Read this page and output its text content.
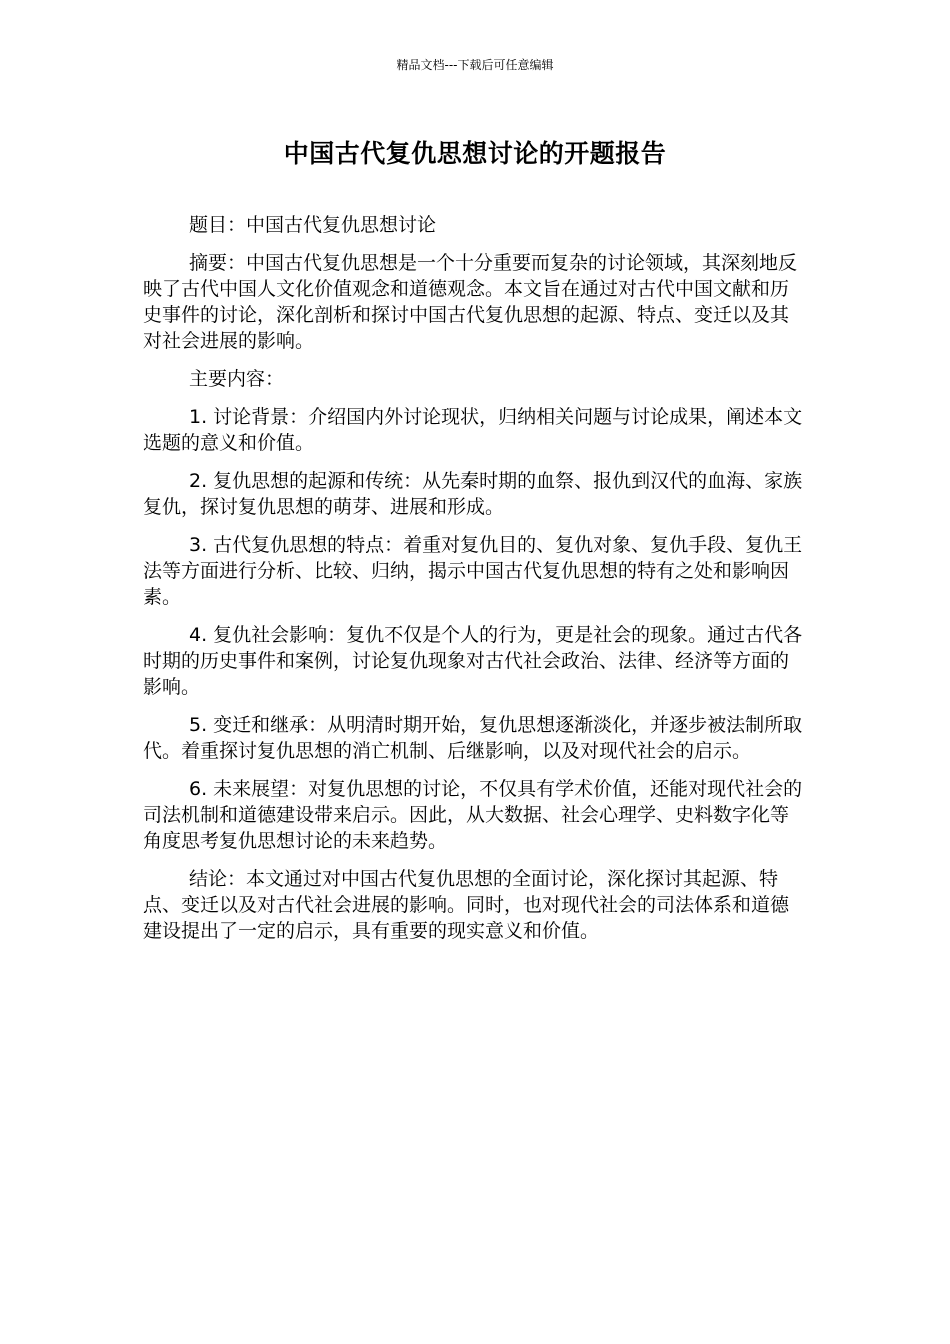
精品文档---下载后可任意编辑
中国古代复仇思想讨论的开题报告

题目：中国古代复仇思想讨论

摘要：中国古代复仇思想是一个十分重要而复杂的讨论领域，其深刻地反映了古代中国人文化价值观念和道德观念。本文旨在通过对古代中国文献和历史事件的讨论，深化剖析和探讨中国古代复仇思想的起源、特点、变迁以及其对社会进展的影响。

主要内容：

1. 讨论背景：介绍国内外讨论现状，归纳相关问题与讨论成果，阐述本文选题的意义和价值。

2. 复仇思想的起源和传统：从先秦时期的血祭、报仇到汉代的血海、家族复仇，探讨复仇思想的萌芽、进展和形成。

3. 古代复仇思想的特点：着重对复仇目的、复仇对象、复仇手段、复仇王法等方面进行分析、比较、归纳，揭示中国古代复仇思想的特有之处和影响因素。

4. 复仇社会影响：复仇不仅是个人的行为，更是社会的现象。通过古代各时期的历史事件和案例，讨论复仇现象对古代社会政治、法律、经济等方面的影响。

5. 变迁和继承：从明清时期开始，复仇思想逐渐淡化，并逐步被法制所取代。着重探讨复仇思想的消亡机制、后继影响，以及对现代社会的启示。

6. 未来展望：对复仇思想的讨论，不仅具有学术价值，还能对现代社会的司法机制和道德建设带来启示。因此，从大数据、社会心理学、史料数字化等角度思考复仇思想讨论的未来趋势。

结论：本文通过对中国古代复仇思想的全面讨论，深化探讨其起源、特点、变迁以及对古代社会进展的影响。同时，也对现代社会的司法体系和道德建设提出了一定的启示，具有重要的现实意义和价值。
